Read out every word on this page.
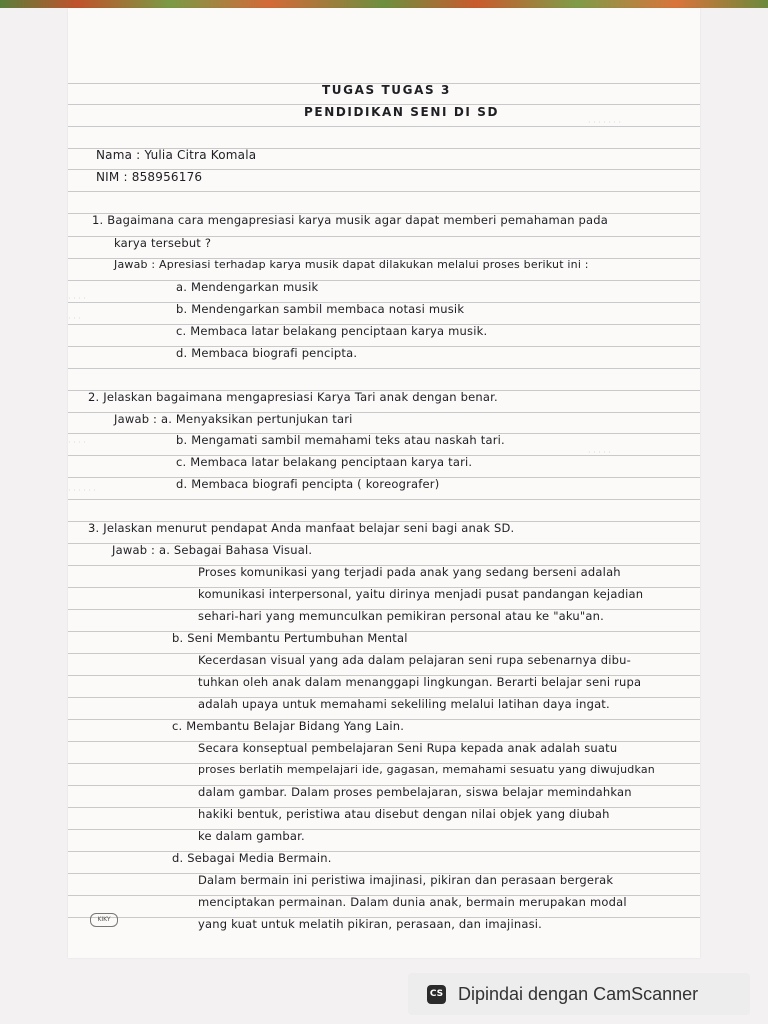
· · · · · · ·
· · · ·
· · ·
· · · ·
· · · · · ·
· · · · ·
TUGAS TUGAS 3
PENDIDIKAN SENI DI SD
Nama : Yulia Citra Komala
NIM : 858956176
1. Bagaimana cara mengapresiasi karya musik agar dapat memberi pemahaman pada
karya tersebut ?
Jawab : Apresiasi terhadap karya musik dapat dilakukan melalui proses berikut ini :
a. Mendengarkan musik
b. Mendengarkan sambil membaca notasi musik
c. Membaca latar belakang penciptaan karya musik.
d. Membaca biografi pencipta.
2. Jelaskan bagaimana mengapresiasi Karya Tari anak dengan benar.
Jawab : a. Menyaksikan pertunjukan tari
b. Mengamati sambil memahami teks atau naskah tari.
c. Membaca latar belakang penciptaan karya tari.
d. Membaca biografi pencipta ( koreografer)
3. Jelaskan menurut pendapat Anda manfaat belajar seni bagi anak SD.
Jawab : a. Sebagai Bahasa Visual.
Proses komunikasi yang terjadi pada anak yang sedang berseni adalah
komunikasi interpersonal, yaitu dirinya menjadi pusat pandangan kejadian
sehari-hari yang memunculkan pemikiran personal atau ke "aku"an.
b. Seni Membantu Pertumbuhan Mental
Kecerdasan visual yang ada dalam pelajaran seni rupa sebenarnya dibu-
tuhkan oleh anak dalam menanggapi lingkungan. Berarti belajar seni rupa
adalah upaya untuk memahami sekeliling melalui latihan daya ingat.
c. Membantu Belajar Bidang Yang Lain.
Secara konseptual pembelajaran Seni Rupa kepada anak adalah suatu
proses berlatih mempelajari ide, gagasan, memahami sesuatu yang diwujudkan
dalam gambar. Dalam proses pembelajaran, siswa belajar memindahkan
hakiki bentuk, peristiwa atau disebut dengan nilai objek yang diubah
ke dalam gambar.
d. Sebagai Media Bermain.
Dalam bermain ini peristiwa imajinasi, pikiran dan perasaan bergerak
menciptakan permainan. Dalam dunia anak, bermain merupakan modal
yang kuat untuk melatih pikiran, perasaan, dan imajinasi.
KIKY
CS Dipindai dengan CamScanner
